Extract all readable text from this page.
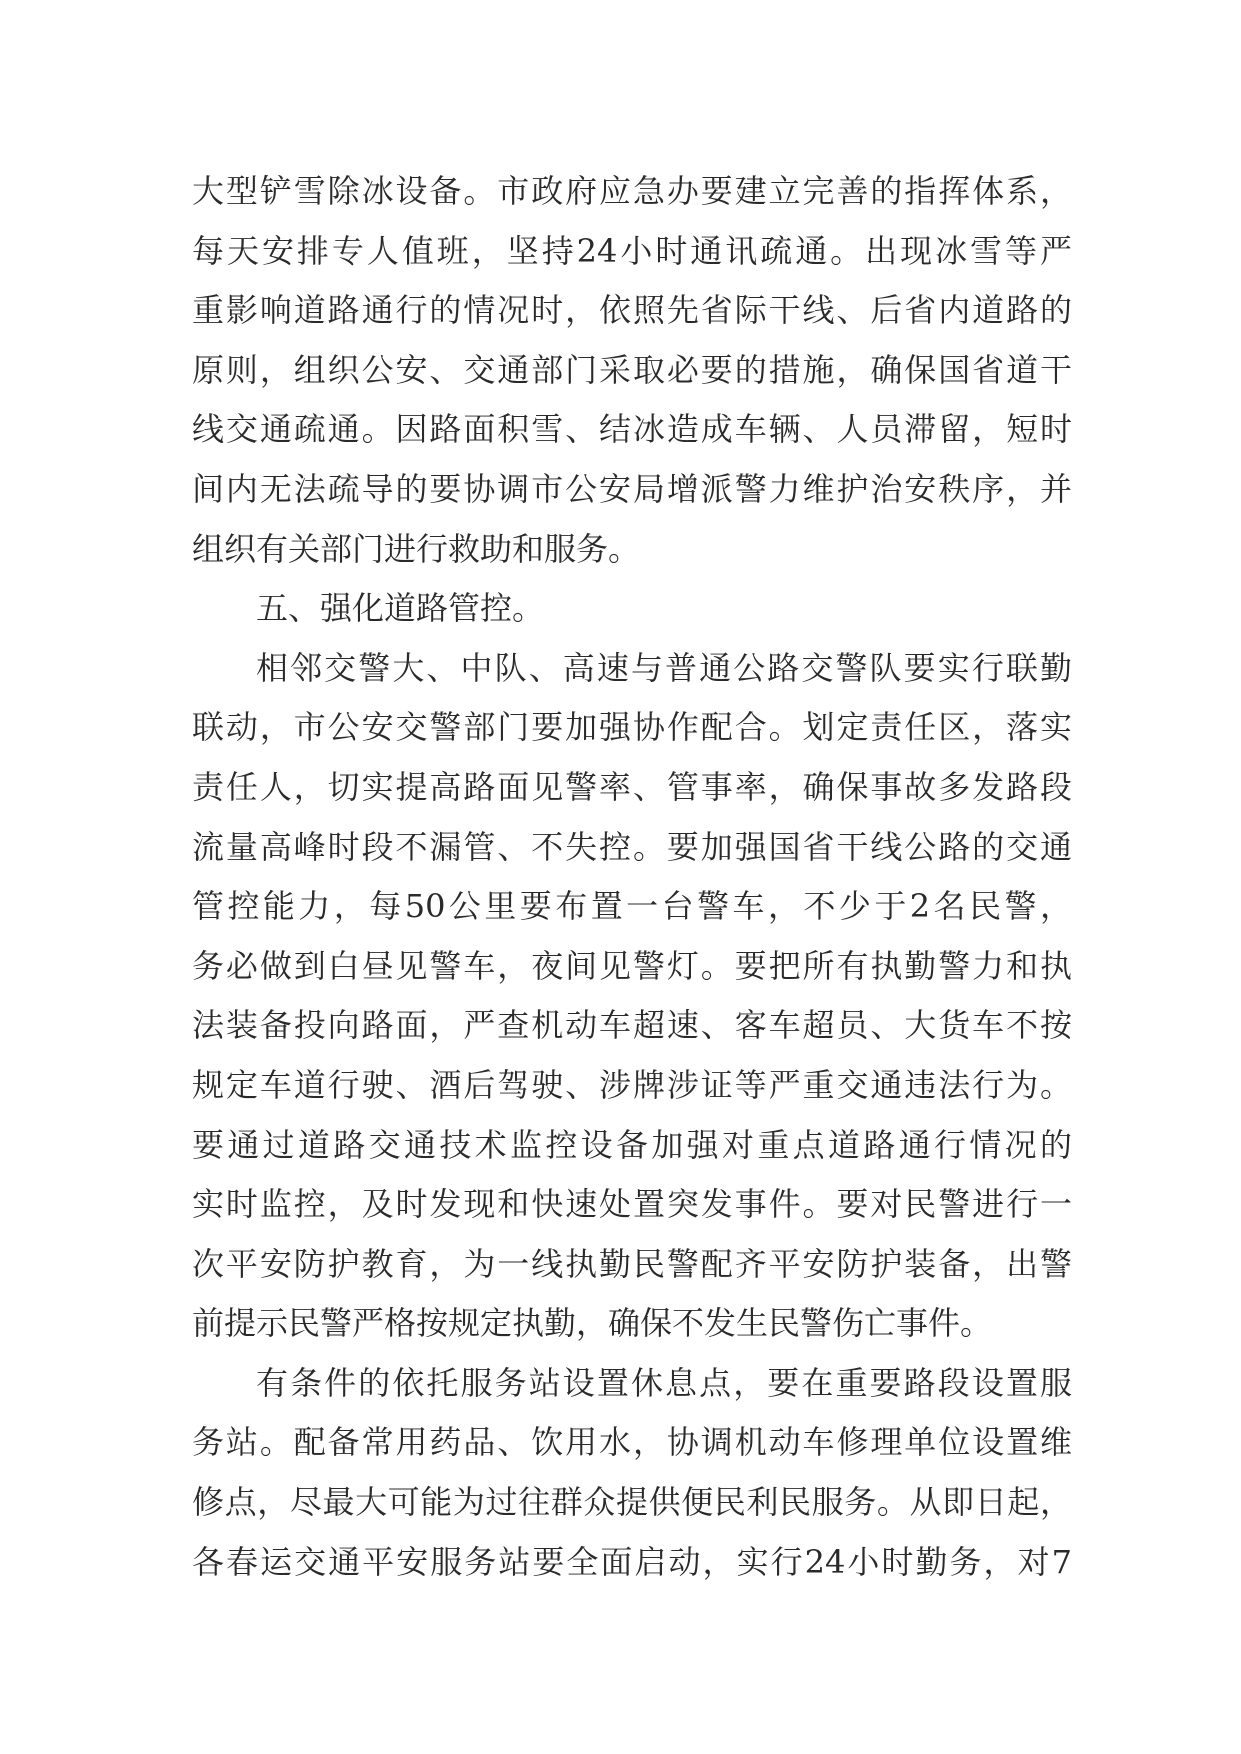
大型铲雪除冰设备。市政府应急办要建立完善的指挥体系，
每天安排专人值班，坚持24小时通讯疏通。出现冰雪等严
重影响道路通行的情况时，依照先省际干线、后省内道路的
原则，组织公安、交通部门采取必要的措施，确保国省道干
线交通疏通。因路面积雪、结冰造成车辆、人员滞留，短时
间内无法疏导的要协调市公安局增派警力维护治安秩序，并
组织有关部门进行救助和服务。
五、强化道路管控。
相邻交警大、中队、高速与普通公路交警队要实行联勤
联动，市公安交警部门要加强协作配合。划定责任区，落实
责任人，切实提高路面见警率、管事率，确保事故多发路段
流量高峰时段不漏管、不失控。要加强国省干线公路的交通
管控能力，每50公里要布置一台警车，不少于2名民警，
务必做到白昼见警车，夜间见警灯。要把所有执勤警力和执
法装备投向路面，严查机动车超速、客车超员、大货车不按
规定车道行驶、酒后驾驶、涉牌涉证等严重交通违法行为。
要通过道路交通技术监控设备加强对重点道路通行情况的
实时监控，及时发现和快速处置突发事件。要对民警进行一
次平安防护教育，为一线执勤民警配齐平安防护装备，出警
前提示民警严格按规定执勤，确保不发生民警伤亡事件。
有条件的依托服务站设置休息点，要在重要路段设置服
务站。配备常用药品、饮用水，协调机动车修理单位设置维
修点，尽最大可能为过往群众提供便民利民服务。从即日起，
各春运交通平安服务站要全面启动，实行24小时勤务，对7
